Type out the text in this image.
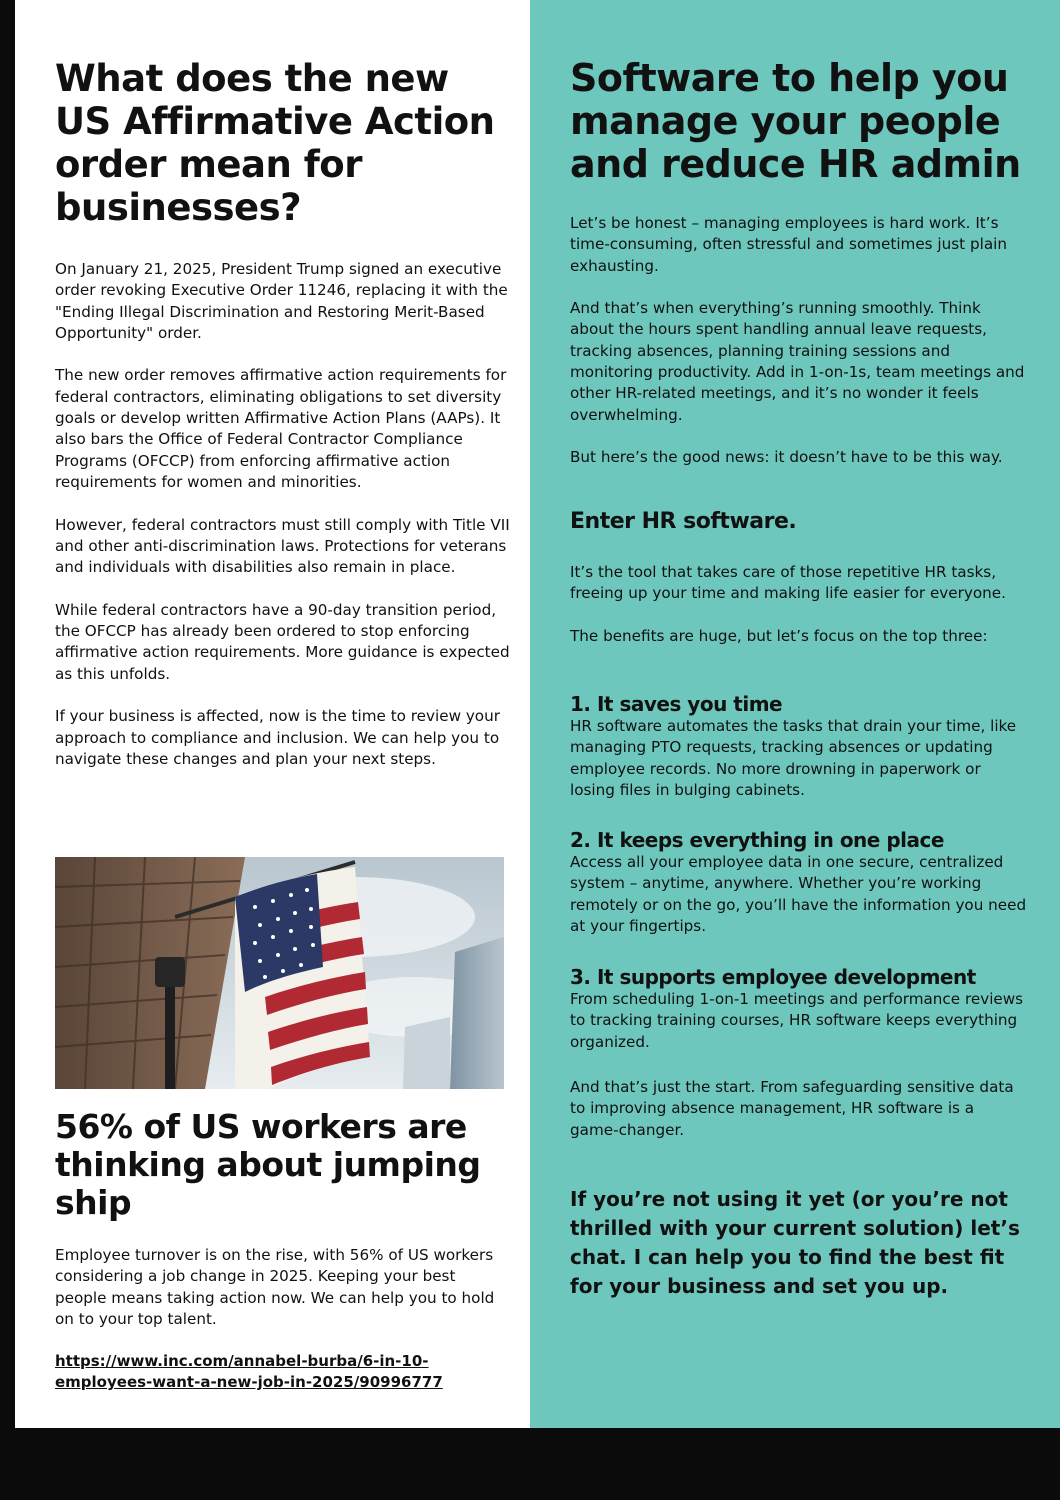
What does the new US Affirmative Action order mean for businesses?

On January 21, 2025, President Trump signed an executive order revoking Executive Order 11246, replacing it with the "Ending Illegal Discrimination and Restoring Merit-Based Opportunity" order.

The new order removes affirmative action requirements for federal contractors, eliminating obligations to set diversity goals or develop written Affirmative Action Plans (AAPs). It also bars the Office of Federal Contractor Compliance Programs (OFCCP) from enforcing affirmative action requirements for women and minorities.

However, federal contractors must still comply with Title VII and other anti-discrimination laws. Protections for veterans and individuals with disabilities also remain in place.

While federal contractors have a 90-day transition period, the OFCCP has already been ordered to stop enforcing affirmative action requirements. More guidance is expected as this unfolds.

If your business is affected, now is the time to review your approach to compliance and inclusion. We can help you to navigate these changes and plan your next steps.

56% of US workers are thinking about jumping ship

Employee turnover is on the rise, with 56% of US workers considering a job change in 2025. Keeping your best people means taking action now. We can help you to hold on to your top talent.

https://www.inc.com/annabel-burba/6-in-10-employees-want-a-new-job-in-2025/90996777
Software to help you manage your people and reduce HR admin

Let’s be honest – managing employees is hard work. It’s time-consuming, often stressful and sometimes just plain exhausting.

And that’s when everything’s running smoothly. Think about the hours spent handling annual leave requests, tracking absences, planning training sessions and monitoring productivity. Add in 1-on-1s, team meetings and other HR-related meetings, and it’s no wonder it feels overwhelming.

But here’s the good news: it doesn’t have to be this way.

Enter HR software.

It’s the tool that takes care of those repetitive HR tasks, freeing up your time and making life easier for everyone.

The benefits are huge, but let’s focus on the top three:

1. It saves you time

HR software automates the tasks that drain your time, like managing PTO requests, tracking absences or updating employee records. No more drowning in paperwork or losing files in bulging cabinets.

2. It keeps everything in one place

Access all your employee data in one secure, centralized system – anytime, anywhere. Whether you’re working remotely or on the go, you’ll have the information you need at your fingertips.

3. It supports employee development

From scheduling 1-on-1 meetings and performance reviews to tracking training courses, HR software keeps everything organized.

And that’s just the start. From safeguarding sensitive data to improving absence management, HR software is a game-changer.

If you’re not using it yet (or you’re not thrilled with your current solution) let’s chat. I can help you to find the best fit for your business and set you up.
